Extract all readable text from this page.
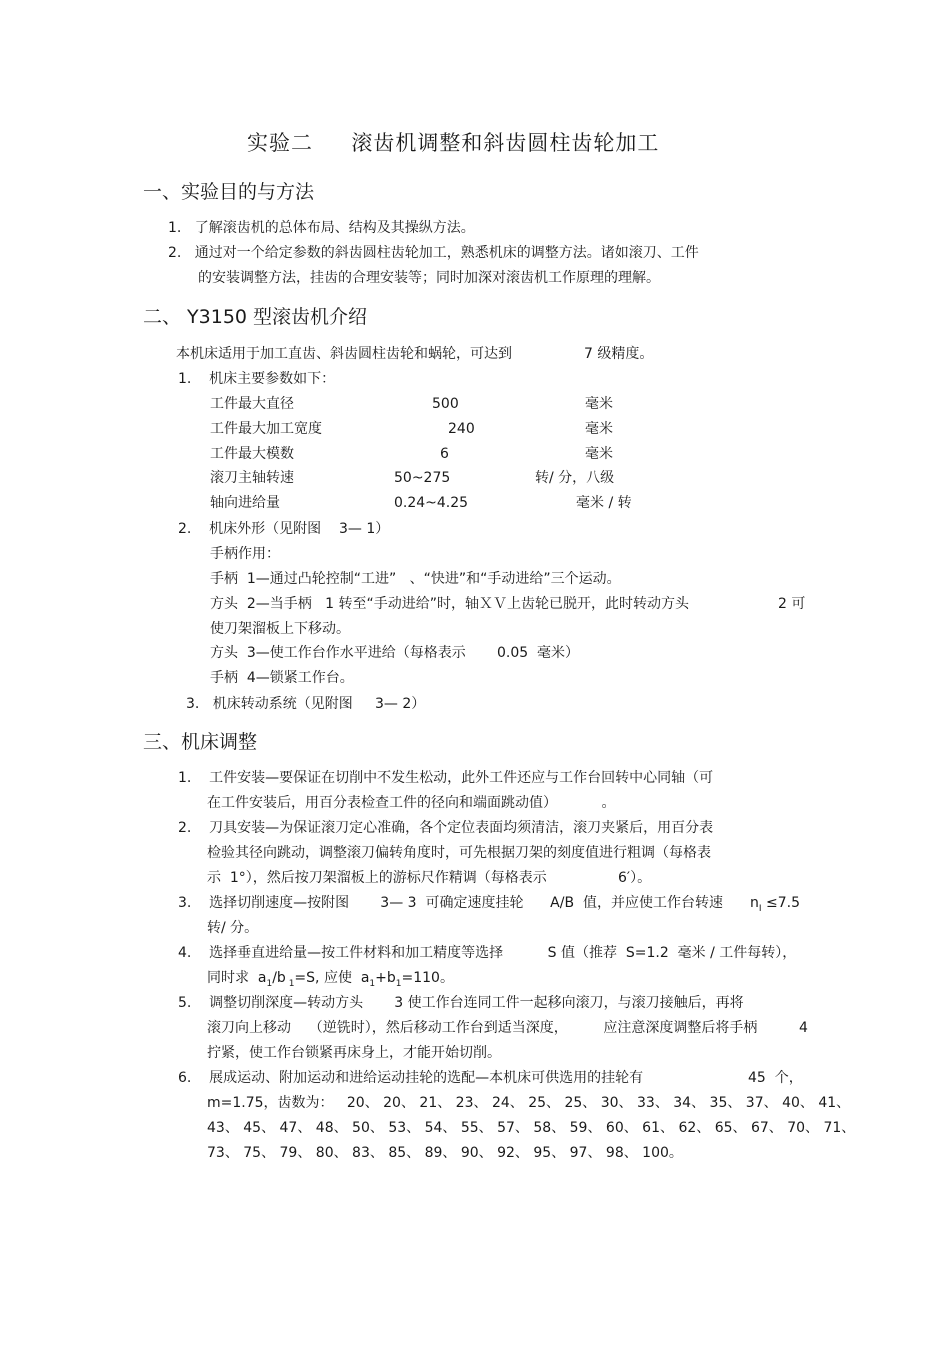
实验二     滚齿机调整和斜齿圆柱齿轮加工
一、实验目的与方法
1.   了解滚齿机的总体布局、结构及其操纵方法。
2.   通过对一个给定参数的斜齿圆柱齿轮加工，熟悉机床的调整方法。诸如滚刀、工件
的安装调整方法，挂齿的合理安装等；同时加深对滚齿机工作原理的理解。
二、 Y3150 型滚齿机介绍
本机床适用于加工直齿、斜齿圆柱齿轮和蜗轮，可达到	7 级精度。
1.    机床主要参数如下：
工件最大直径	500	毫米
工件最大加工宽度	240	毫米
工件最大模数	6	毫米
滚刀主轴转速	50~275	转/ 分，八级
轴向进给量	0.24~4.25	毫米 / 转
2.    机床外形（见附图    3— 1）
手柄作用：
手柄  1—通过凸轮控制“工进”   、“快进”和“手动进给”三个运动。
方头  2—当手柄   1 转至“手动进给”时，轴ＸＶ上齿轮已脱开，此时转动方头	2 可
使刀架溜板上下移动。
方头  3—使工作台作水平进给（每格表示       0.05  毫米）
手柄  4—锁紧工作台。
3.   机床转动系统（见附图     3— 2）
三、机床调整
1.    工件安装—要保证在切削中不发生松动，此外工件还应与工作台回转中心同轴（可
在工件安装后，用百分表检查工件的径向和端面跳动值）          。
2.    刀具安装—为保证滚刀定心准确，各个定位表面均须清洁，滚刀夹紧后，用百分表
检验其径向跳动，调整滚刀偏转角度时，可先根据刀架的刻度值进行粗调（每格表
示  1°），然后按刀架溜板上的游标尺作精调（每格表示	6′）。
3.    选择切削速度—按附图       3— 3  可确定速度挂轮      A/B  值，并应使工作台转速 $n_I \le 7.5$
转/ 分。
4.    选择垂直进给量—按工件材料和加工精度等选择          S 值（推荐  S=1.2  毫米 / 工件每转），
同时求  $a_1/b$ $_1$=S, 应使  $a_1+b_1=110$。
5.    调整切削深度—转动方头       3 使工作台连同工件一起移向滚刀，与滚刀接触后，再将
滚刀向上移动    （逆铣时），然后移动工作台到适当深度，        应注意深度调整后将手柄	4
拧紧，使工作台锁紧再床身上，才能开始切削。
6.    展成运动、附加运动和进给运动挂轮的选配—本机床可供选用的挂轮有	45  个，
m=1.75，齿数为：   20、 20、 21、 23、 24、 25、 25、 30、 33、 34、 35、 37、 40、 41、
43、 45、 47、 48、 50、 53、 54、 55、 57、 58、 59、 60、 61、 62、 65、 67、 70、 71、
73、 75、 79、 80、 83、 85、 89、 90、 92、 95、 97、 98、 100。
